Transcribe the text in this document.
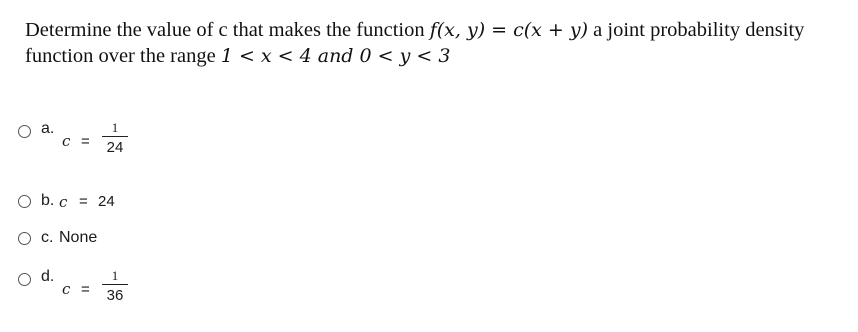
Determine the value of c that makes the function f(x, y) = c(x + y) a joint probability density function over the range 1 < x < 4 and 0 < y < 3
a.
c =
1
24
b. c = 24
c. None
d.
c =
1
36
